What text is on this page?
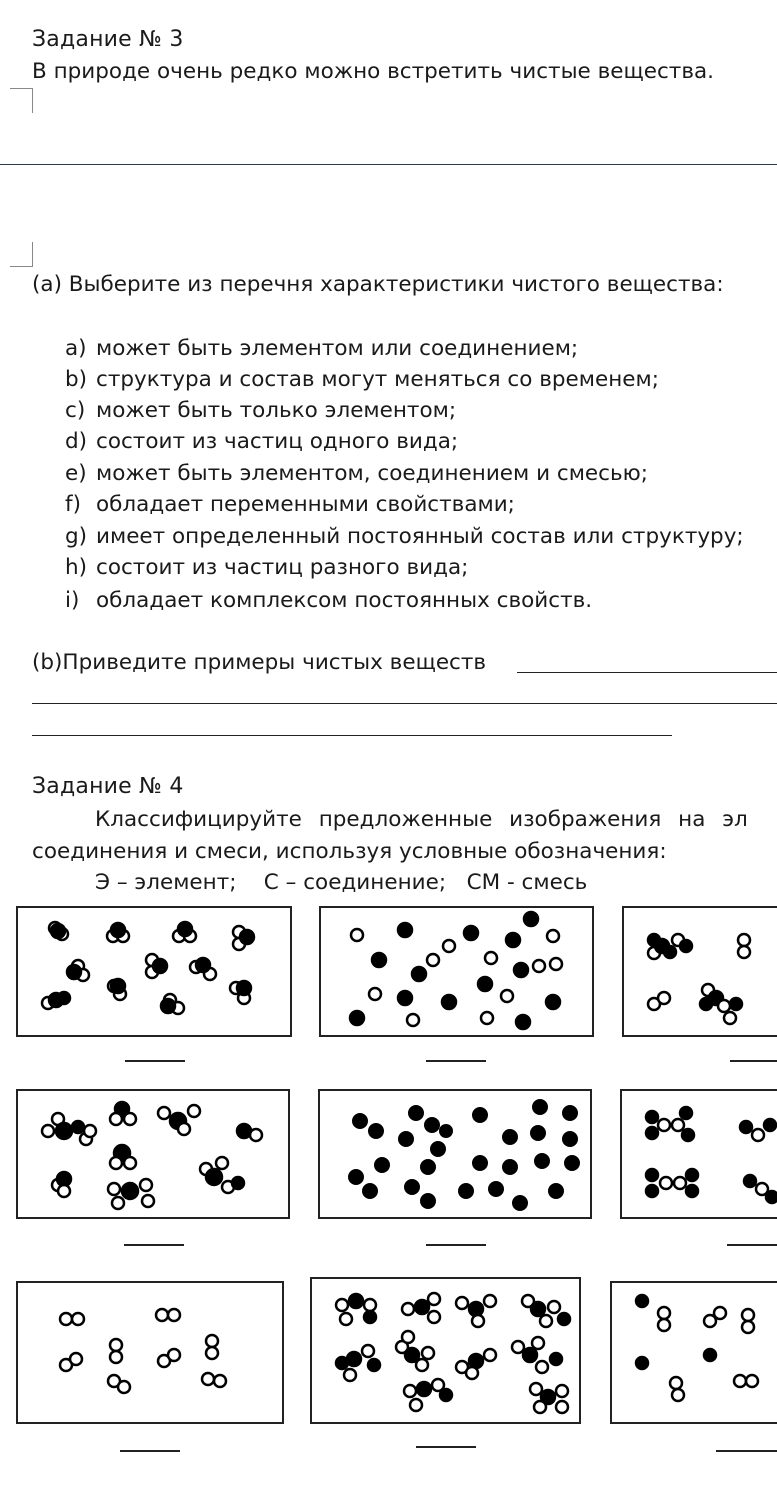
Задание № 3
В природе очень редко можно встретить чистые вещества.
(a) Выберите из перечня характеристики чистого вещества:
a) может быть элементом или соединением;
b) структура и состав могут меняться со временем;
c) может быть только элементом;
d) состоит из частиц одного вида;
e) может быть элементом, соединением и смесью;
f) обладает переменными свойствами;
g) имеет определенный постоянный состав или структуру;
h) состоит из частиц разного вида;
i) обладает комплексом постоянных свойств.
(b)Приведите примеры чистых веществ
Задание № 4
Классифицируйте предложенные изображения на эл
соединения и смеси, используя условные обозначения:
Э – элемент;    С – соединение;   СМ - смесь
